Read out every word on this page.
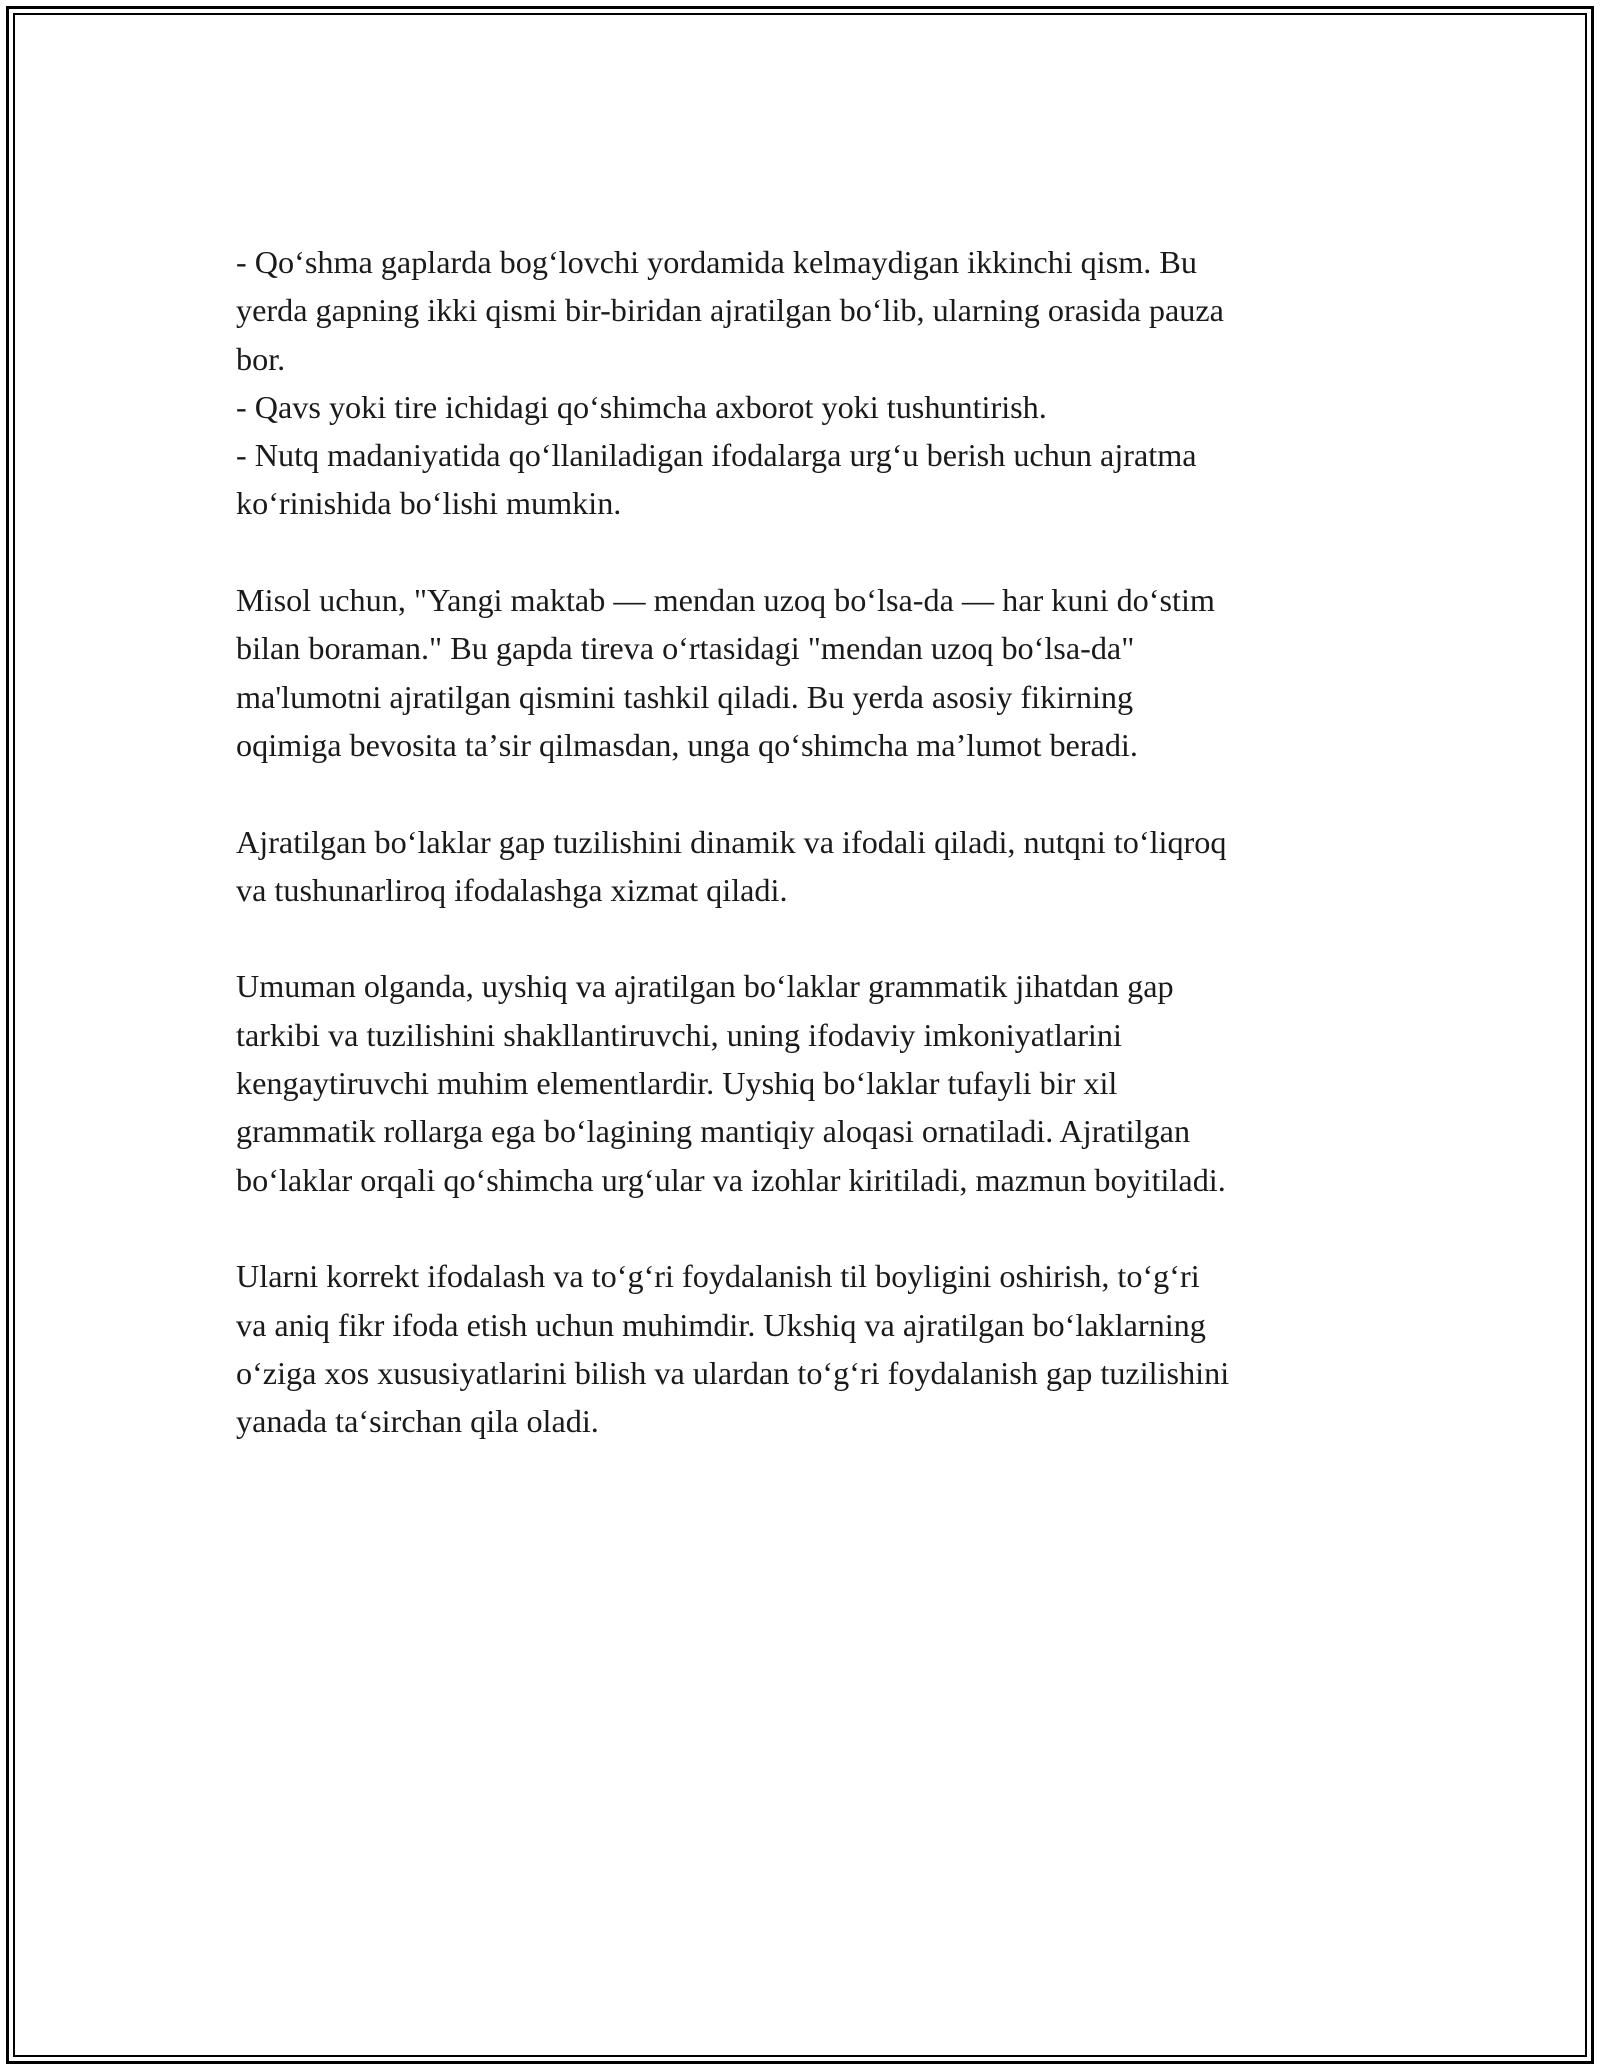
- Qoʻshma gaplarda bogʻlovchi yordamida kelmaydigan ikkinchi qism. Bu

yerda gapning ikki qismi bir-biridan ajratilgan boʻlib, ularning orasida pauza

bor.

- Qavs yoki tire ichidagi qoʻshimcha axborot yoki tushuntirish.

- Nutq madaniyatida qoʻllaniladigan ifodalarga urgʻu berish uchun ajratma

koʻrinishida boʻlishi mumkin.

Misol uchun, "Yangi maktab — mendan uzoq boʻlsa-da — har kuni doʻstim

bilan boraman." Bu gapda tireva oʻrtasidagi "mendan uzoq boʻlsa-da"

ma'lumotni ajratilgan qismini tashkil qiladi. Bu yerda asosiy fikirning

oqimiga bevosita taʼsir qilmasdan, unga qoʻshimcha maʼlumot beradi.

Ajratilgan boʻlaklar gap tuzilishini dinamik va ifodali qiladi, nutqni toʻliqroq

va tushunarliroq ifodalashga xizmat qiladi.

Umuman olganda, uyshiq va ajratilgan boʻlaklar grammatik jihatdan gap

tarkibi va tuzilishini shakllantiruvchi, uning ifodaviy imkoniyatlarini

kengaytiruvchi muhim elementlardir. Uyshiq boʻlaklar tufayli bir xil

grammatik rollarga ega boʻlagining mantiqiy aloqasi ornatiladi. Ajratilgan

boʻlaklar orqali qoʻshimcha urgʻular va izohlar kiritiladi, mazmun boyitiladi.

Ularni korrekt ifodalash va toʻgʻri foydalanish til boyligini oshirish, toʻgʻri

va aniq fikr ifoda etish uchun muhimdir. Ukshiq va ajratilgan boʻlaklarning

oʻziga xos xususiyatlarini bilish va ulardan toʻgʻri foydalanish gap tuzilishini

yanada taʻsirchan qila oladi.
